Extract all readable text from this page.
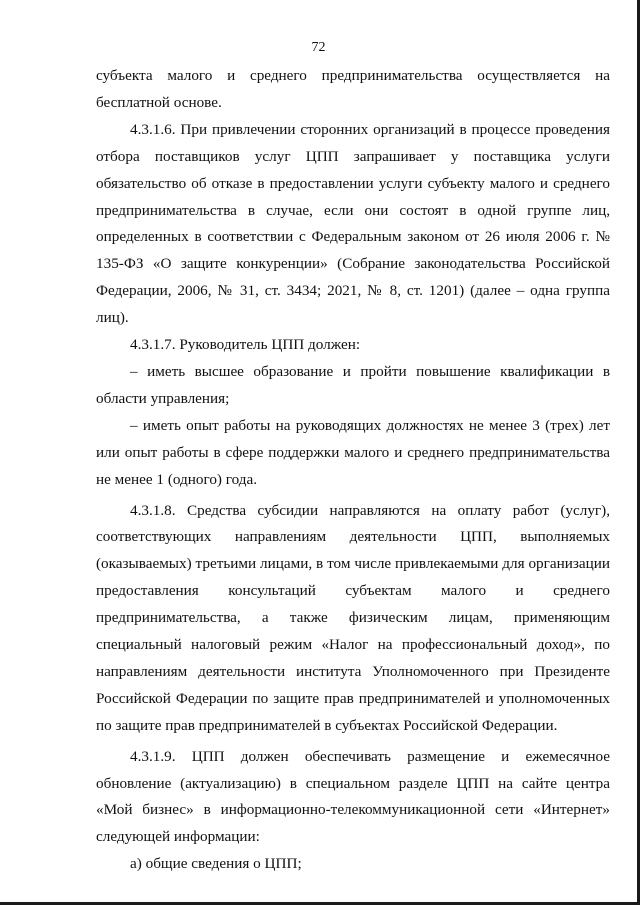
72

субъекта малого и среднего предпринимательства осуществляется на бесплатной основе.

4.3.1.6. При привлечении сторонних организаций в процессе проведения отбора поставщиков услуг ЦПП запрашивает у поставщика услуги обязательство об отказе в предоставлении услуги субъекту малого и среднего предпринимательства в случае, если они состоят в одной группе лиц, определенных в соответствии с Федеральным законом от 26 июля 2006 г. № 135-ФЗ «О защите конкуренции» (Собрание законодательства Российской Федерации, 2006, № 31, ст. 3434; 2021, № 8, ст. 1201) (далее – одна группа лиц).

4.3.1.7. Руководитель ЦПП должен:

– иметь высшее образование и пройти повышение квалификации в области управления;

– иметь опыт работы на руководящих должностях не менее 3 (трех) лет или опыт работы в сфере поддержки малого и среднего предпринимательства не менее 1 (одного) года.

4.3.1.8. Средства субсидии направляются на оплату работ (услуг), соответствующих направлениям деятельности ЦПП, выполняемых (оказываемых) третьими лицами, в том числе привлекаемыми для организации предоставления консультаций субъектам малого и среднего предпринимательства, а также физическим лицам, применяющим специальный налоговый режим «Налог на профессиональный доход», по направлениям деятельности института Уполномоченного при Президенте Российской Федерации по защите прав предпринимателей и уполномоченных по защите прав предпринимателей в субъектах Российской Федерации.

4.3.1.9. ЦПП должен обеспечивать размещение и ежемесячное обновление (актуализацию) в специальном разделе ЦПП на сайте центра «Мой бизнес» в информационно-телекоммуникационной сети «Интернет» следующей информации:

а) общие сведения о ЦПП;
